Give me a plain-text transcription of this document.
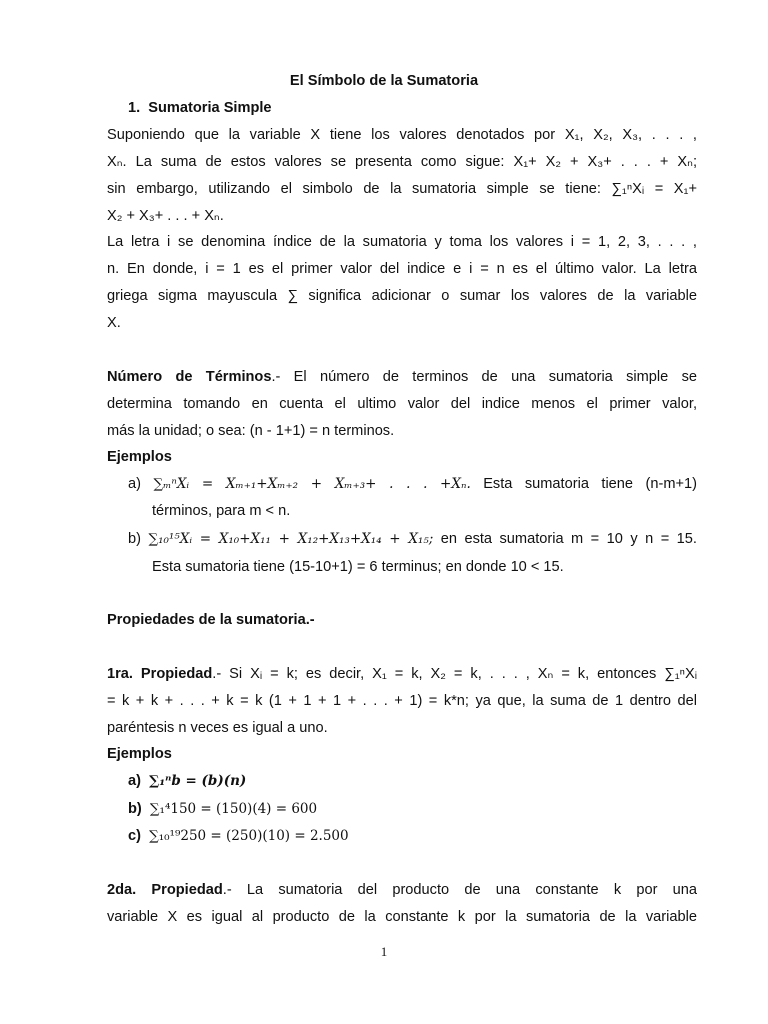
El Símbolo de la Sumatoria
1. Sumatoria Simple
Suponiendo que la variable X tiene los valores denotados por X₁, X₂, X₃, . . . ,
Xₙ. La suma de estos valores se presenta como sigue: X₁+ X₂ + X₃+ . . . + Xₙ;
sin embargo, utilizando el simbolo de la sumatoria simple se tiene: ∑₁ⁿXᵢ = X₁+
X₂ + X₃+ . . . + Xₙ.
La letra i se denomina índice de la sumatoria y toma los valores i = 1, 2, 3, . . . ,
n. En donde, i = 1 es el primer valor del indice e i = n es el último valor. La letra
griega sigma mayuscula ∑ significa adicionar o sumar los valores de la variable
X.
Número de Términos.- El número de terminos de una sumatoria simple se
determina tomando en cuenta el ultimo valor del indice menos el primer valor,
más la unidad; o sea: (n - 1+1) = n terminos.
Ejemplos
a) ∑ₘⁿXᵢ = Xₘ₊₁+Xₘ₊₂ + Xₘ₊₃+ . . . +Xₙ. Esta sumatoria tiene (n-m+1)
términos, para m < n.
b) ∑₁₀¹⁵Xᵢ = X₁₀+X₁₁ + X₁₂+X₁₃+X₁₄ + X₁₅; en esta sumatoria m = 10 y n = 15.
Esta sumatoria tiene (15-10+1) = 6 terminus; en donde 10 < 15.
Propiedades de la sumatoria.-
1ra. Propiedad.- Si Xᵢ = k; es decir, X₁ = k, X₂ = k, . . . , Xₙ = k, entonces ∑₁ⁿXᵢ
= k + k + . . . + k = k (1 + 1 + 1 + . . . + 1) = k*n; ya que, la suma de 1 dentro del
paréntesis n veces es igual a uno.
Ejemplos
a) ∑₁ⁿb = (b)(n)
b) ∑₁⁴150 = (150)(4) = 600
c) ∑₁₀¹⁹250 = (250)(10) = 2.500
2da. Propiedad.- La sumatoria del producto de una constante k por una
variable X es igual al producto de la constante k por la sumatoria de la variable
1
